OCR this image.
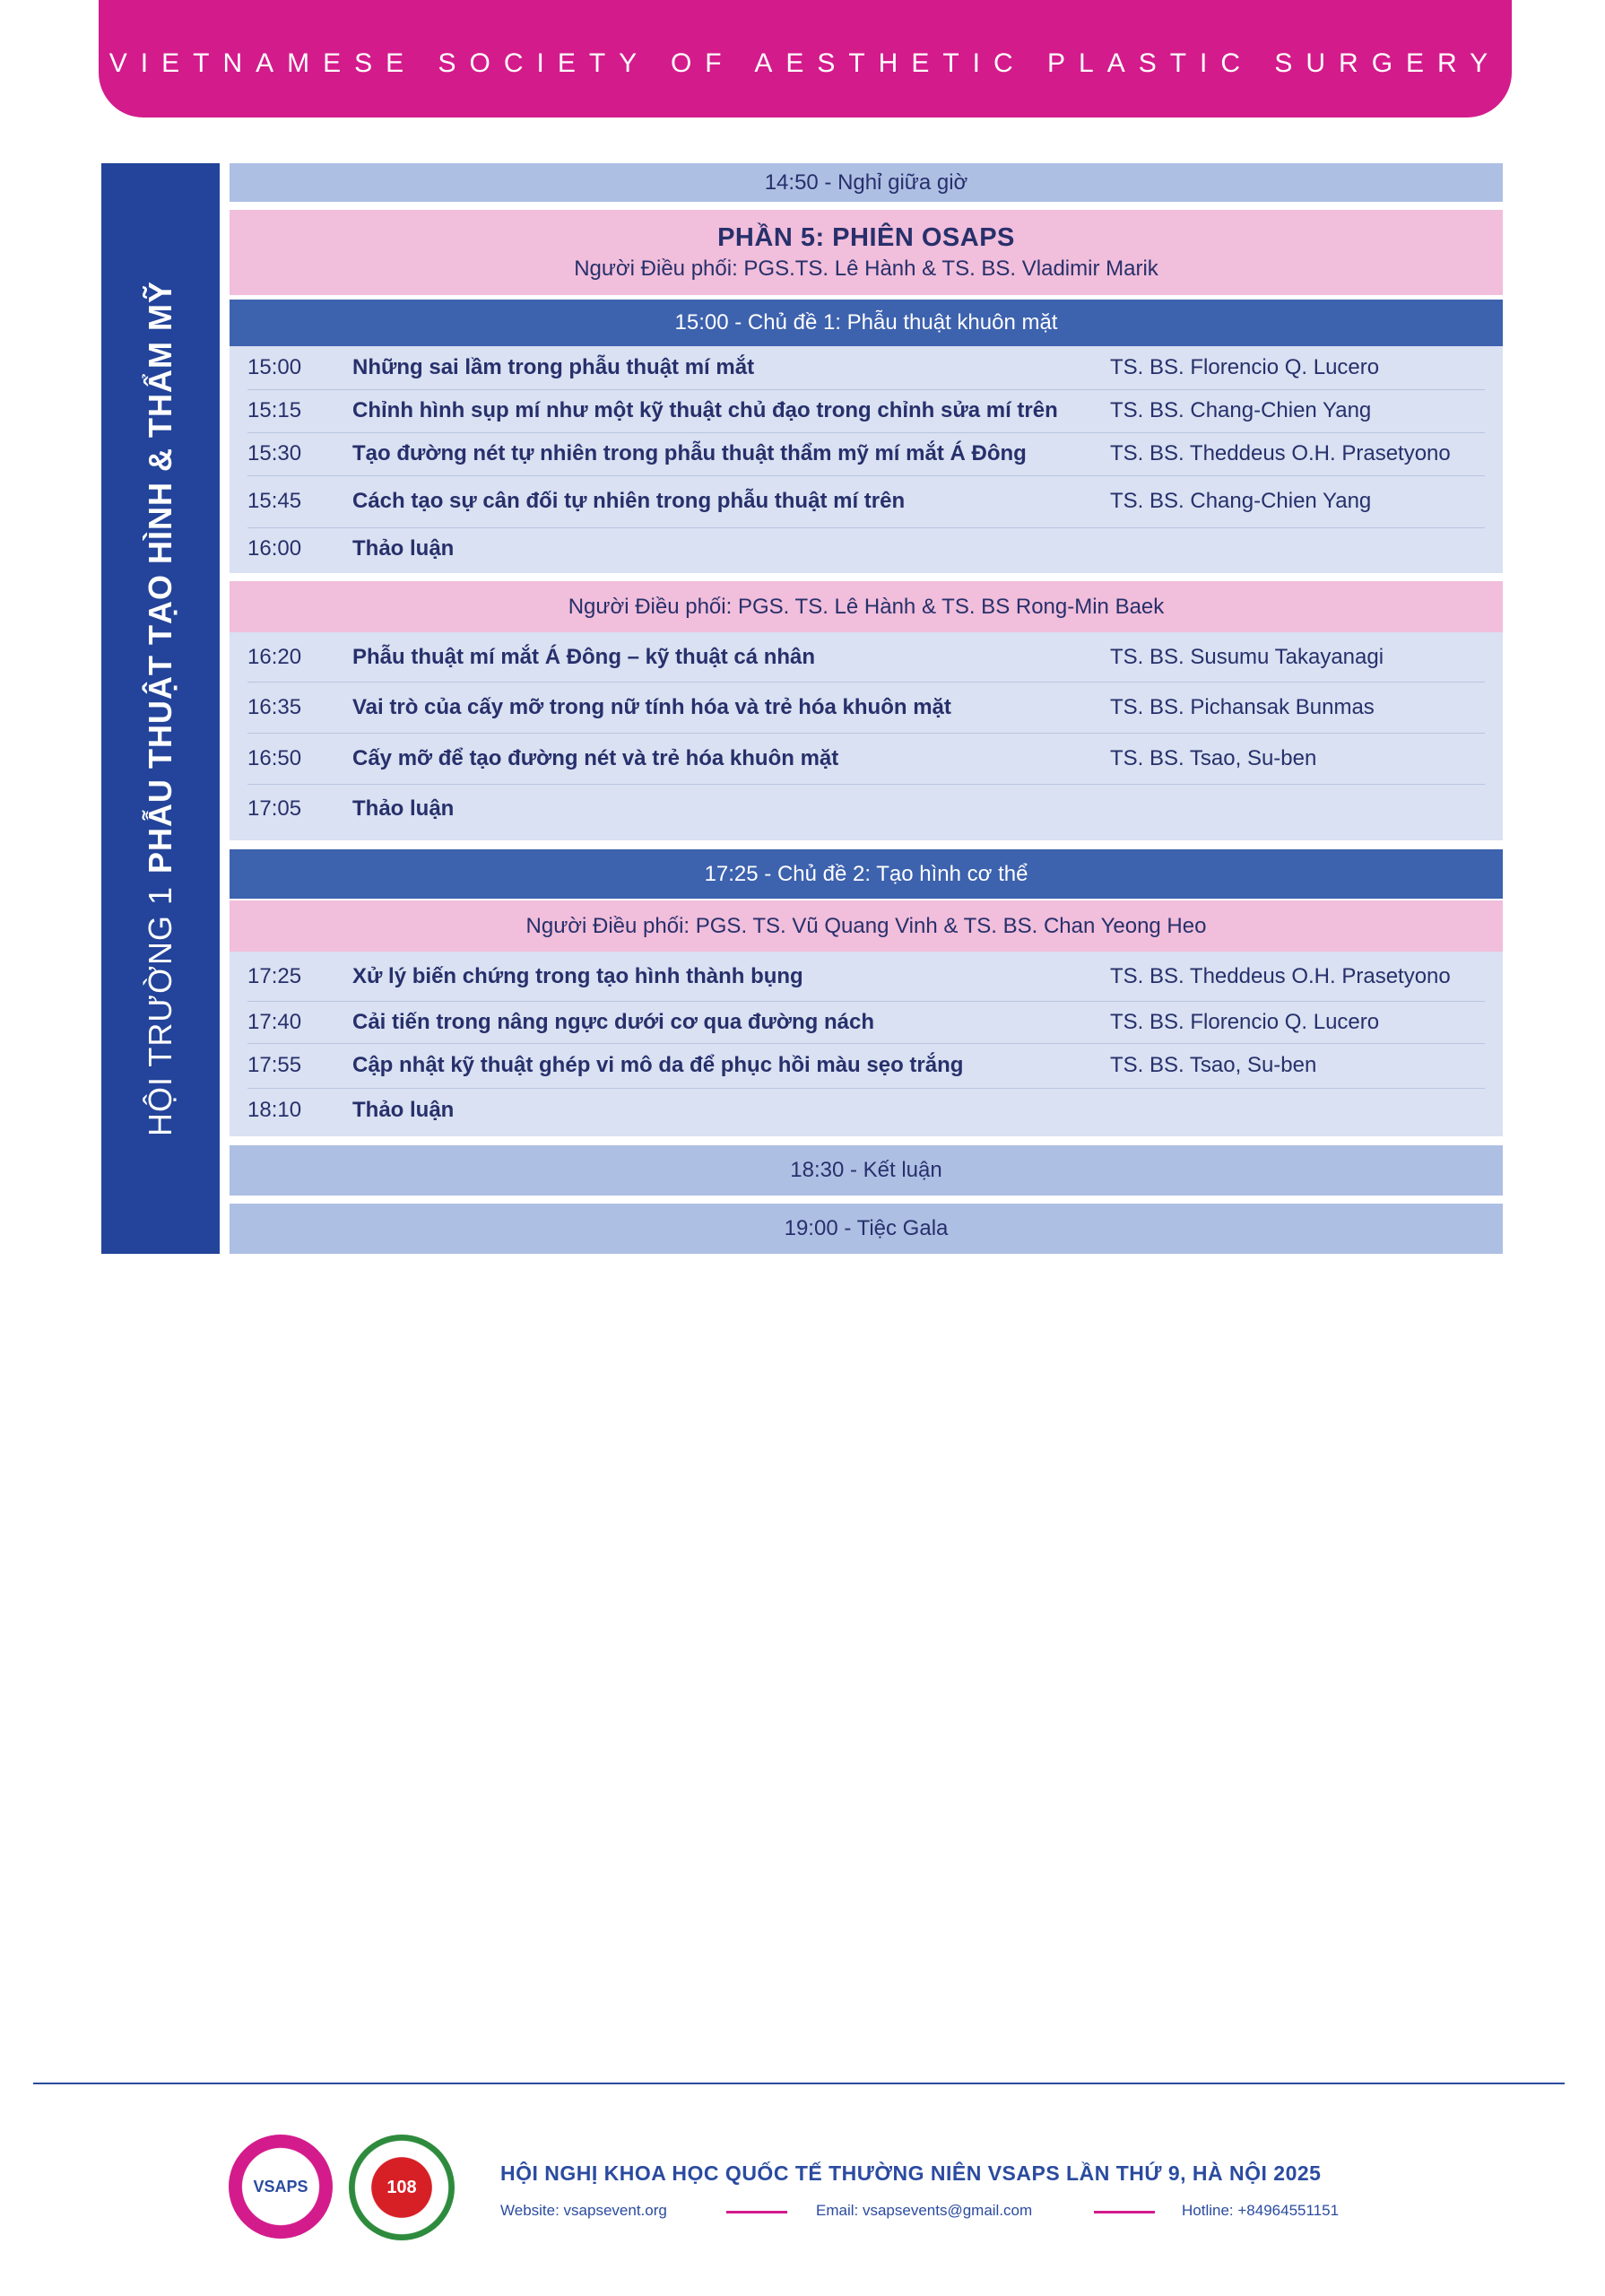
VIETNAMESE SOCIETY OF AESTHETIC PLASTIC SURGERY
HỘI TRƯỜNG 1PHẪU THUẬT TẠO HÌNH & THẨM MỸ
14:50 - Nghỉ giữa giờ
PHẦN 5: PHIÊN OSAPS
Người Điều phối: PGS.TS. Lê Hành & TS. BS. Vladimir Marik
15:00 - Chủ đề 1: Phẫu thuật khuôn mặt
15:00	Những sai lầm trong phẫu thuật mí mắt	TS. BS. Florencio Q. Lucero
15:15	Chỉnh hình sụp mí như một kỹ thuật chủ đạo trong chỉnh sửa mí trên	TS. BS. Chang-Chien Yang
15:30	Tạo đường nét tự nhiên trong phẫu thuật thẩm mỹ mí mắt Á Đông	TS. BS. Theddeus O.H. Prasetyono
15:45	Cách tạo sự cân đối tự nhiên trong phẫu thuật mí trên	TS. BS. Chang-Chien Yang
16:00	Thảo luận
Người Điều phối: PGS. TS. Lê Hành & TS. BS Rong-Min Baek
16:20	Phẫu thuật mí mắt Á Đông – kỹ thuật cá nhân	TS. BS. Susumu Takayanagi
16:35	Vai trò của cấy mỡ trong nữ tính hóa và trẻ hóa khuôn mặt	TS. BS. Pichansak Bunmas
16:50	Cấy mỡ để tạo đường nét và trẻ hóa khuôn mặt	TS. BS. Tsao, Su-ben
17:05	Thảo luận
17:25 - Chủ đề 2: Tạo hình cơ thể
Người Điều phối: PGS. TS. Vũ Quang Vinh & TS. BS. Chan Yeong Heo
17:25	Xử lý biến chứng trong tạo hình thành bụng	TS. BS. Theddeus O.H. Prasetyono
17:40	Cải tiến trong nâng ngực dưới cơ qua đường nách	TS. BS. Florencio Q. Lucero
17:55	Cập nhật kỹ thuật ghép vi mô da để phục hồi màu sẹo trắng	TS. BS. Tsao, Su-ben
18:10	Thảo luận
18:30 - Kết luận
19:00 - Tiệc Gala
VSAPS	108
HỘI NGHỊ KHOA HỌC QUỐC TẾ THƯỜNG NIÊN VSAPS LẦN THỨ 9, HÀ NỘI 2025
Website: vsapsevent.org	Email: vsapsevents@gmail.com	Hotline: +84964551151
